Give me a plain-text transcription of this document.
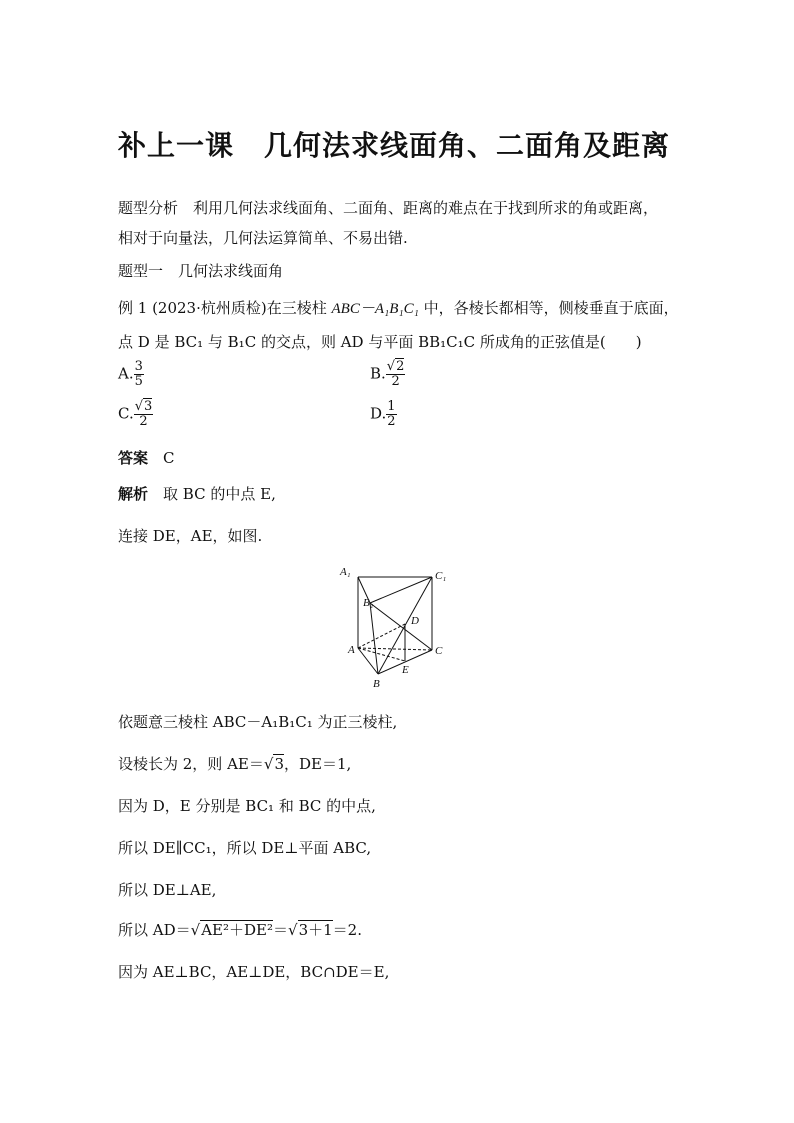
补上一课 几何法求线面角、二面角及距离
题型分析　 利用几何法求线面角、二面角、距离的难点在于找到所求的角或距离，
相对于向量法，几何法运算简单、不易出错.
题型一　几何法求线面角
例 1 (2023·杭州质检)在三棱柱 ABC－A₁B₁C₁ 中，各棱长都相等，侧棱垂直于底面，
点 D 是 BC₁ 与 B₁C 的交点，则 AD 与平面 BB₁C₁C 所成角的正弦值是(　　)
A. $\frac{3}{5}$	B. $\frac{√2}{2}$
C. $\frac{√3}{2}$	D. $\frac{1}{2}$
答案　 C
解析　 取 BC 的中点 E,
连接 DE，AE，如图.
A₁	C₁
B₁
D
A	C
E
B
依题意三棱柱 ABC－A₁B₁C₁ 为正三棱柱,
设棱长为 2，则 AE＝√3，DE＝1,
因为 D，E 分别是 BC₁ 和 BC 的中点,
所以 DE∥CC₁，所以 DE⊥平面 ABC,
所以 DE⊥AE,
所以 AD＝√AE²＋DE²＝√3＋1＝2.
因为 AE⊥BC，AE⊥DE，BC∩DE＝E,
